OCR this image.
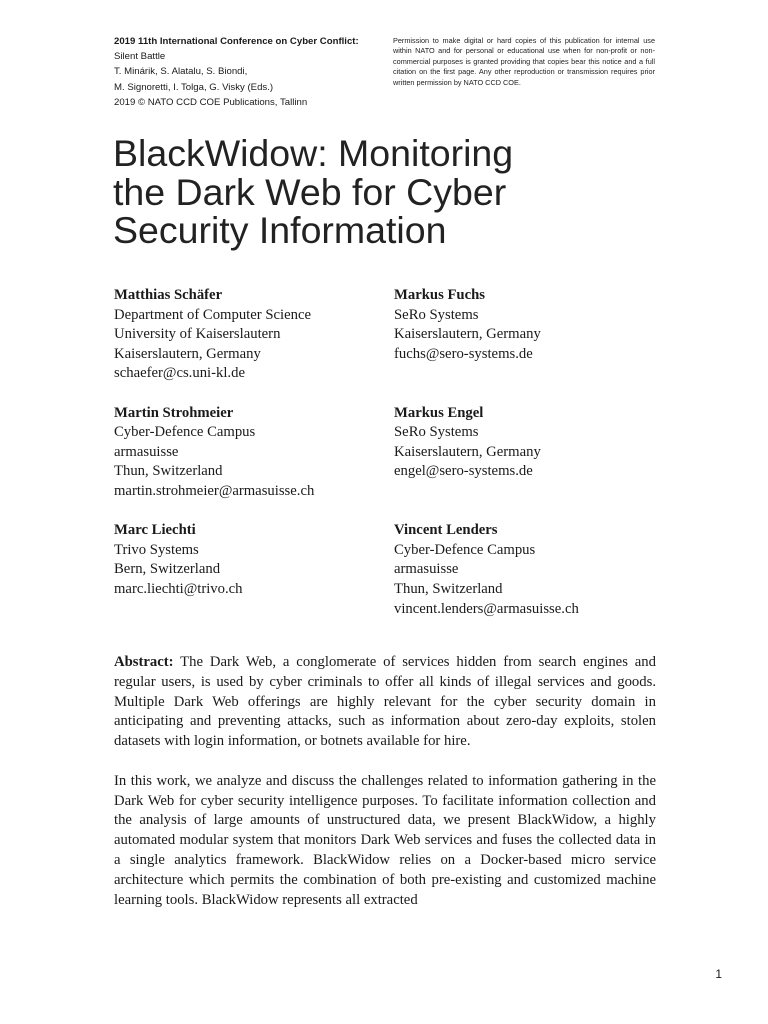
2019 11th International Conference on Cyber Conflict:
Silent Battle
T. Minárik, S. Alatalu, S. Biondi,
M. Signoretti, I. Tolga, G. Visky (Eds.)
2019 © NATO CCD COE Publications, Tallinn
Permission to make digital or hard copies of this publication for internal use within NATO and for personal or educational use when for non-profit or non-commercial purposes is granted providing that copies bear this notice and a full citation on the first page. Any other reproduction or transmission requires prior written permission by NATO CCD COE.
BlackWidow: Monitoring
the Dark Web for Cyber
Security Information
Matthias Schäfer
Department of Computer Science
University of Kaiserslautern
Kaiserslautern, Germany
schaefer@cs.uni-kl.de
Markus Fuchs
SeRo Systems
Kaiserslautern, Germany
fuchs@sero-systems.de
Martin Strohmeier
Cyber-Defence Campus
armasuisse
Thun, Switzerland
martin.strohmeier@armasuisse.ch
Markus Engel
SeRo Systems
Kaiserslautern, Germany
engel@sero-systems.de
Marc Liechti
Trivo Systems
Bern, Switzerland
marc.liechti@trivo.ch
Vincent Lenders
Cyber-Defence Campus
armasuisse
Thun, Switzerland
vincent.lenders@armasuisse.ch

Abstract: The Dark Web, a conglomerate of services hidden from search engines and regular users, is used by cyber criminals to offer all kinds of illegal services and goods. Multiple Dark Web offerings are highly relevant for the cyber security domain in anticipating and preventing attacks, such as information about zero-day exploits, stolen datasets with login information, or botnets available for hire.

In this work, we analyze and discuss the challenges related to information gathering in the Dark Web for cyber security intelligence purposes. To facilitate information collection and the analysis of large amounts of unstructured data, we present BlackWidow, a highly automated modular system that monitors Dark Web services and fuses the collected data in a single analytics framework. BlackWidow relies on a Docker-based micro service architecture which permits the combination of both pre-existing and customized machine learning tools. BlackWidow represents all extracted

1
